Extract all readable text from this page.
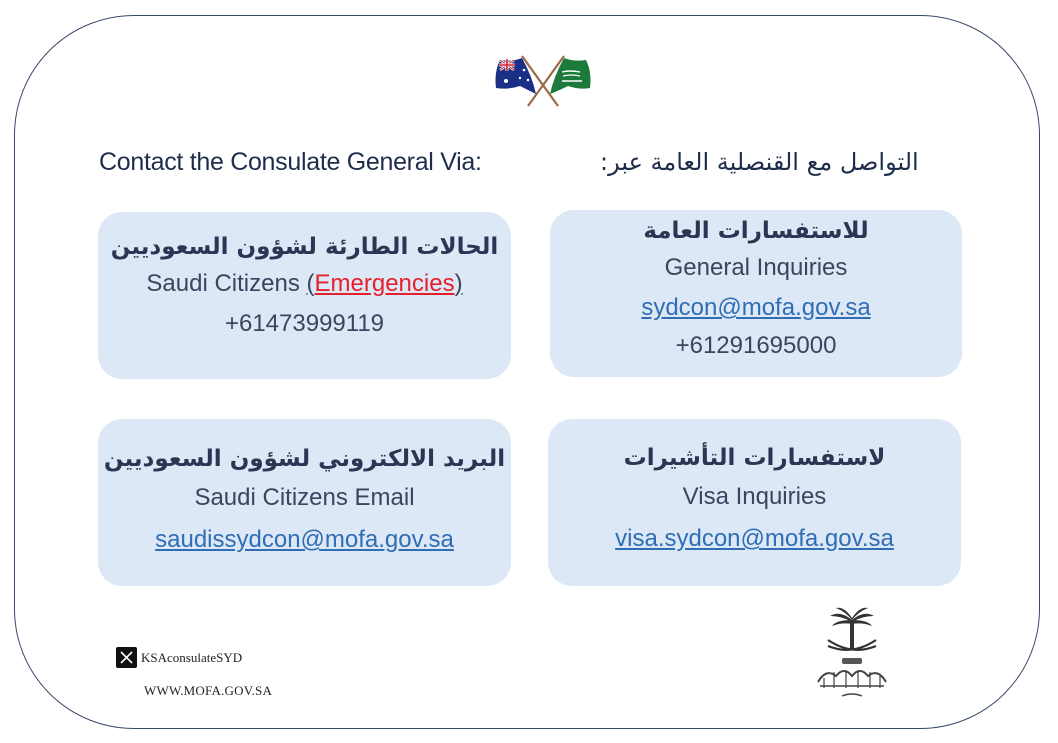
Contact the Consulate General Via:	التواصل مع القنصلية العامة عبر:
الحالات الطارئة لشؤون السعوديين
Saudi Citizens (Emergencies)
+61473999119
للاستفسارات العامة
General Inquiries
sydcon@mofa.gov.sa
+61291695000
البريد الالكتروني لشؤون السعوديين
Saudi Citizens Email
saudissydcon@mofa.gov.sa
لاستفسارات التأشيرات
Visa Inquiries
visa.sydcon@mofa.gov.sa
KSAconsulateSYD
WWW.MOFA.GOV.SA
